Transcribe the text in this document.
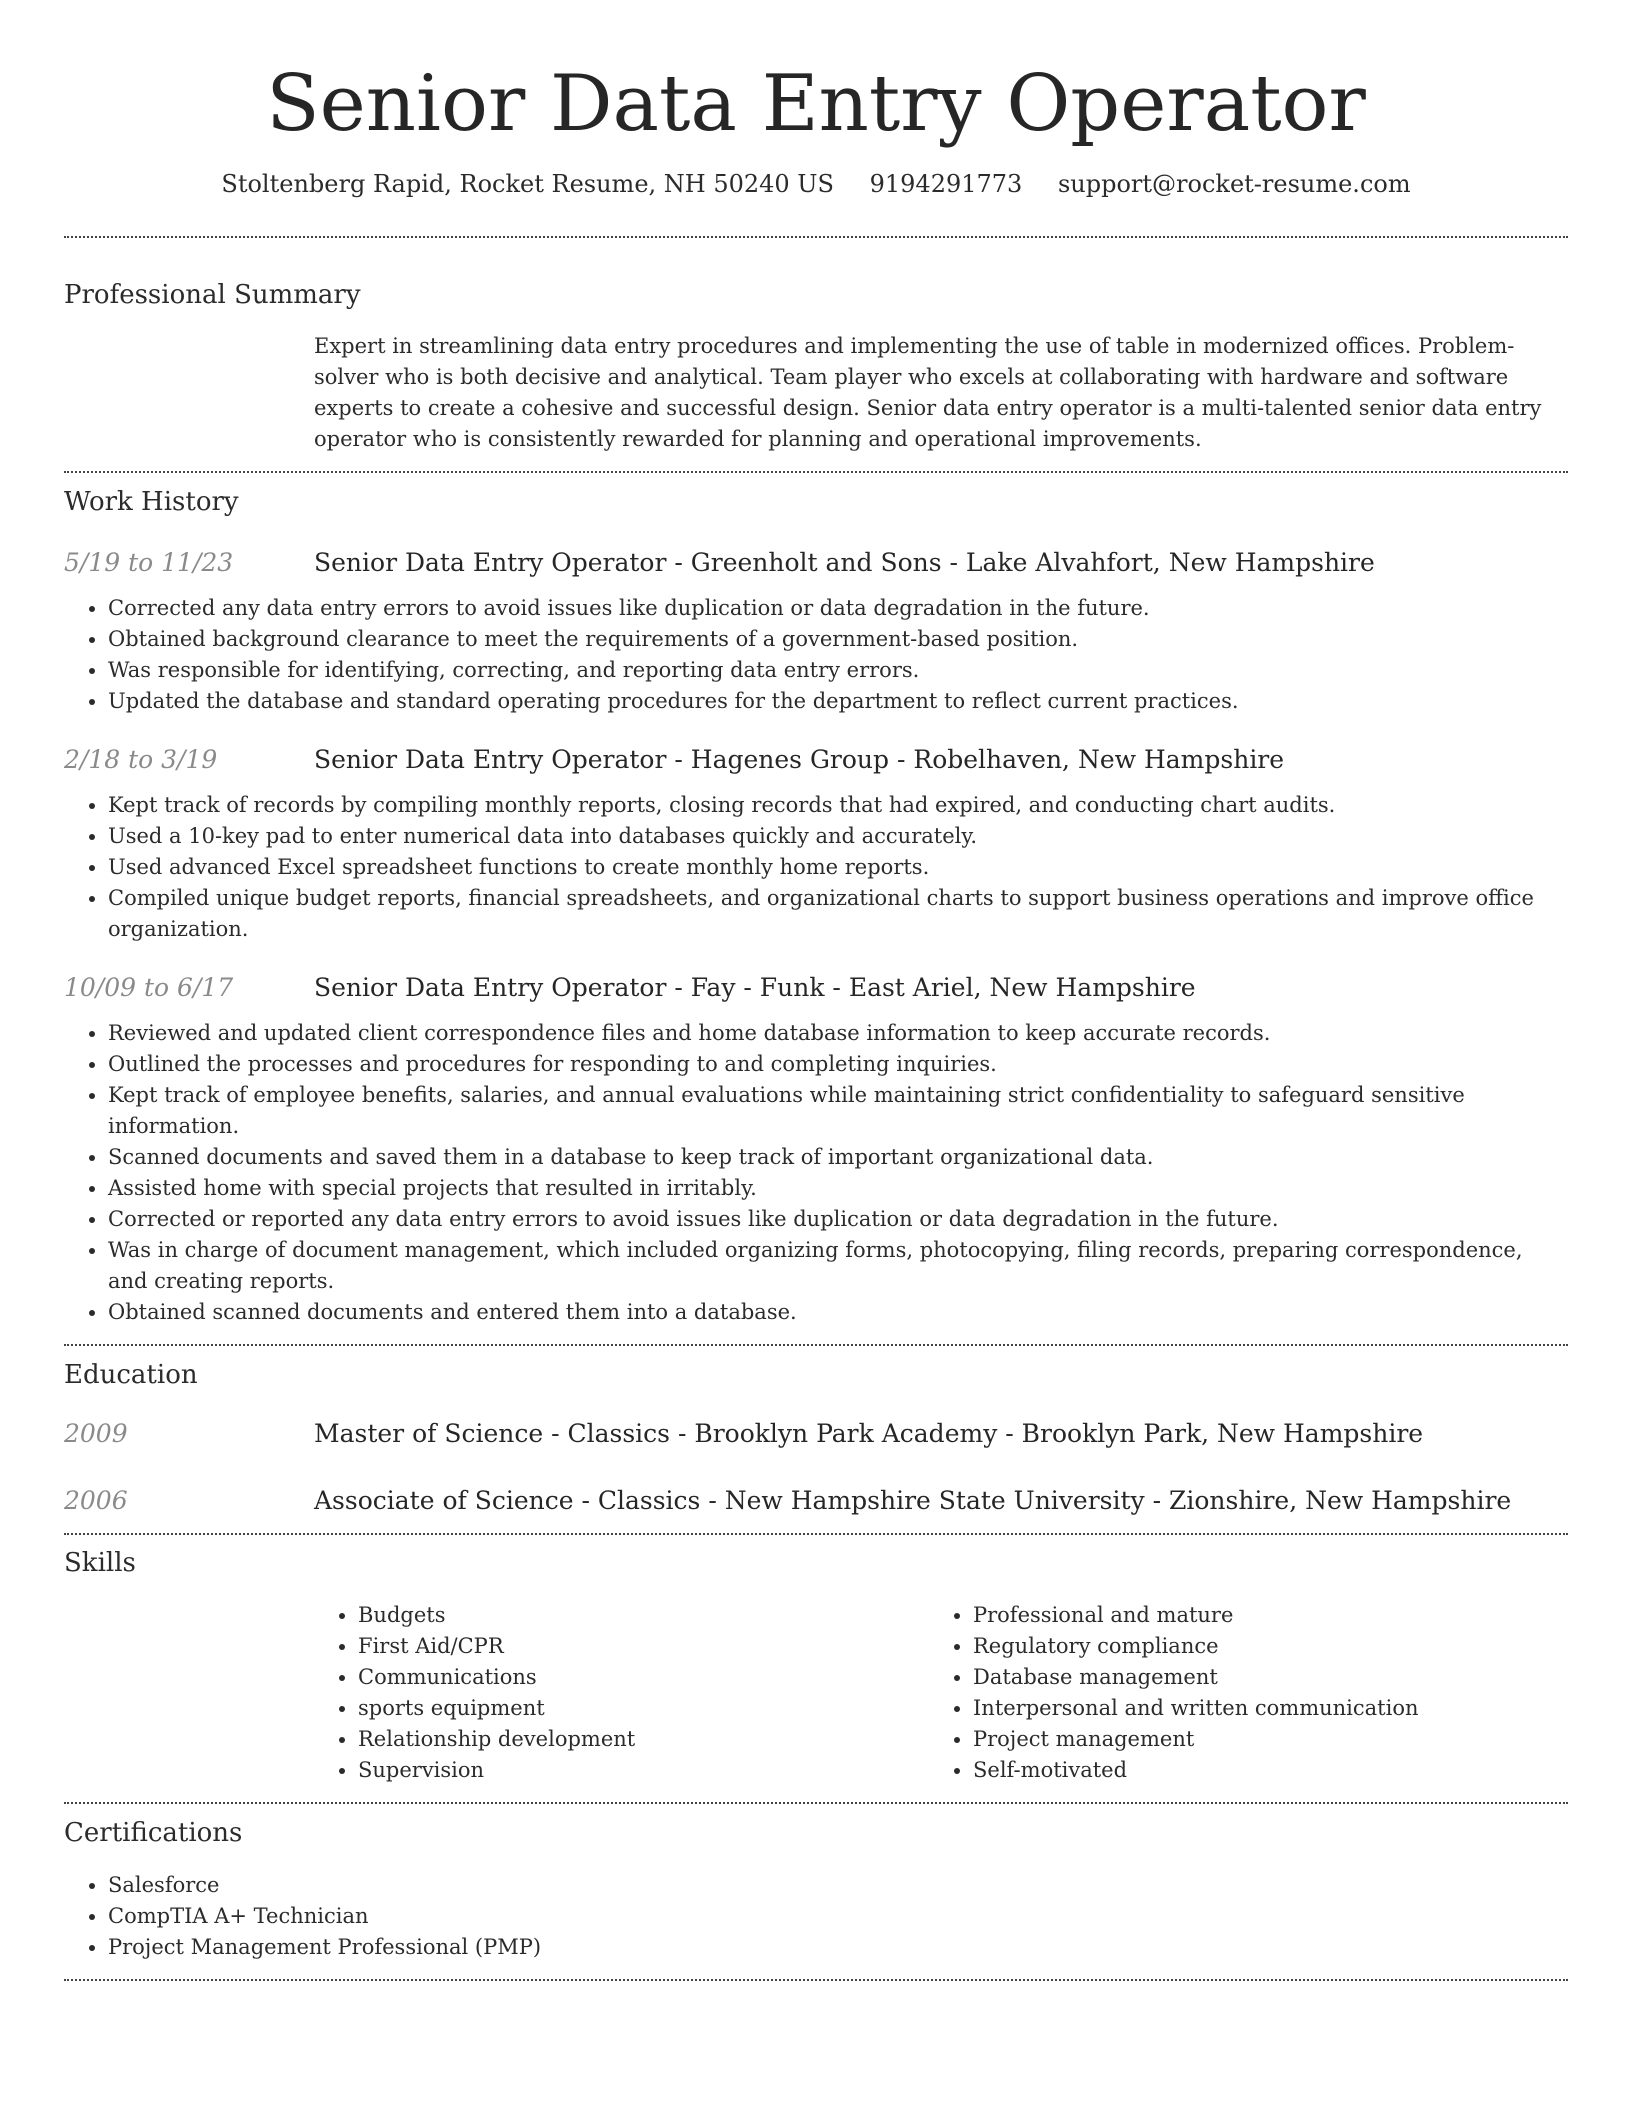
Senior Data Entry Operator
Stoltenberg Rapid, Rocket Resume, NH 50240 US 9194291773 support@rocket-resume.com
Professional Summary
Expert in streamlining data entry procedures and implementing the use of table in modernized offices. Problem-solver who is both decisive and analytical. Team player who excels at collaborating with hardware and software experts to create a cohesive and successful design. Senior data entry operator is a multi-talented senior data entry operator who is consistently rewarded for planning and operational improvements.
Work History
5/19 to 11/23	Senior Data Entry Operator - Greenholt and Sons - Lake Alvahfort, New Hampshire
• Corrected any data entry errors to avoid issues like duplication or data degradation in the future.
• Obtained background clearance to meet the requirements of a government-based position.
• Was responsible for identifying, correcting, and reporting data entry errors.
• Updated the database and standard operating procedures for the department to reflect current practices.
2/18 to 3/19	Senior Data Entry Operator - Hagenes Group - Robelhaven, New Hampshire
• Kept track of records by compiling monthly reports, closing records that had expired, and conducting chart audits.
• Used a 10-key pad to enter numerical data into databases quickly and accurately.
• Used advanced Excel spreadsheet functions to create monthly home reports.
• Compiled unique budget reports, financial spreadsheets, and organizational charts to support business operations and improve office organization.
10/09 to 6/17	Senior Data Entry Operator - Fay - Funk - East Ariel, New Hampshire
• Reviewed and updated client correspondence files and home database information to keep accurate records.
• Outlined the processes and procedures for responding to and completing inquiries.
• Kept track of employee benefits, salaries, and annual evaluations while maintaining strict confidentiality to safeguard sensitive information.
• Scanned documents and saved them in a database to keep track of important organizational data.
• Assisted home with special projects that resulted in irritably.
• Corrected or reported any data entry errors to avoid issues like duplication or data degradation in the future.
• Was in charge of document management, which included organizing forms, photocopying, filing records, preparing correspondence, and creating reports.
• Obtained scanned documents and entered them into a database.
Education
2009	Master of Science - Classics - Brooklyn Park Academy - Brooklyn Park, New Hampshire
2006	Associate of Science - Classics - New Hampshire State University - Zionshire, New Hampshire
Skills
• Budgets
• First Aid/CPR
• Communications
• sports equipment
• Relationship development
• Supervision
• Professional and mature
• Regulatory compliance
• Database management
• Interpersonal and written communication
• Project management
• Self-motivated
Certifications
• Salesforce
• CompTIA A+ Technician
• Project Management Professional (PMP)
